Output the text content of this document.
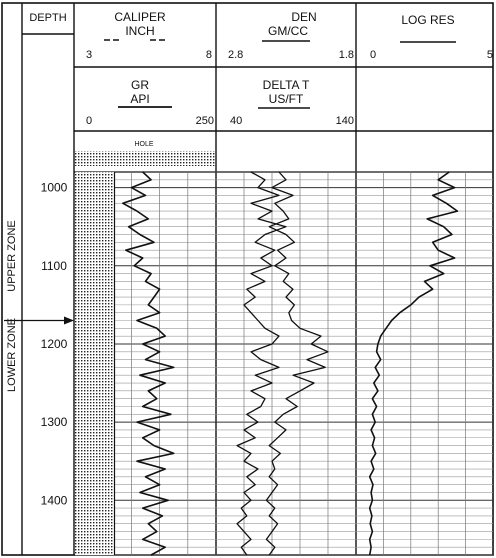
DEPTH	CALIPER
INCH
3	8
GR
API
0	250
HOLE
DEN
GM/CC
2.8	1.8
DELTA T
US/FT
40	140
LOG RES
0	5
UPPER ZONE
LOWER ZONE
1000
1100
1200
1300
1400
